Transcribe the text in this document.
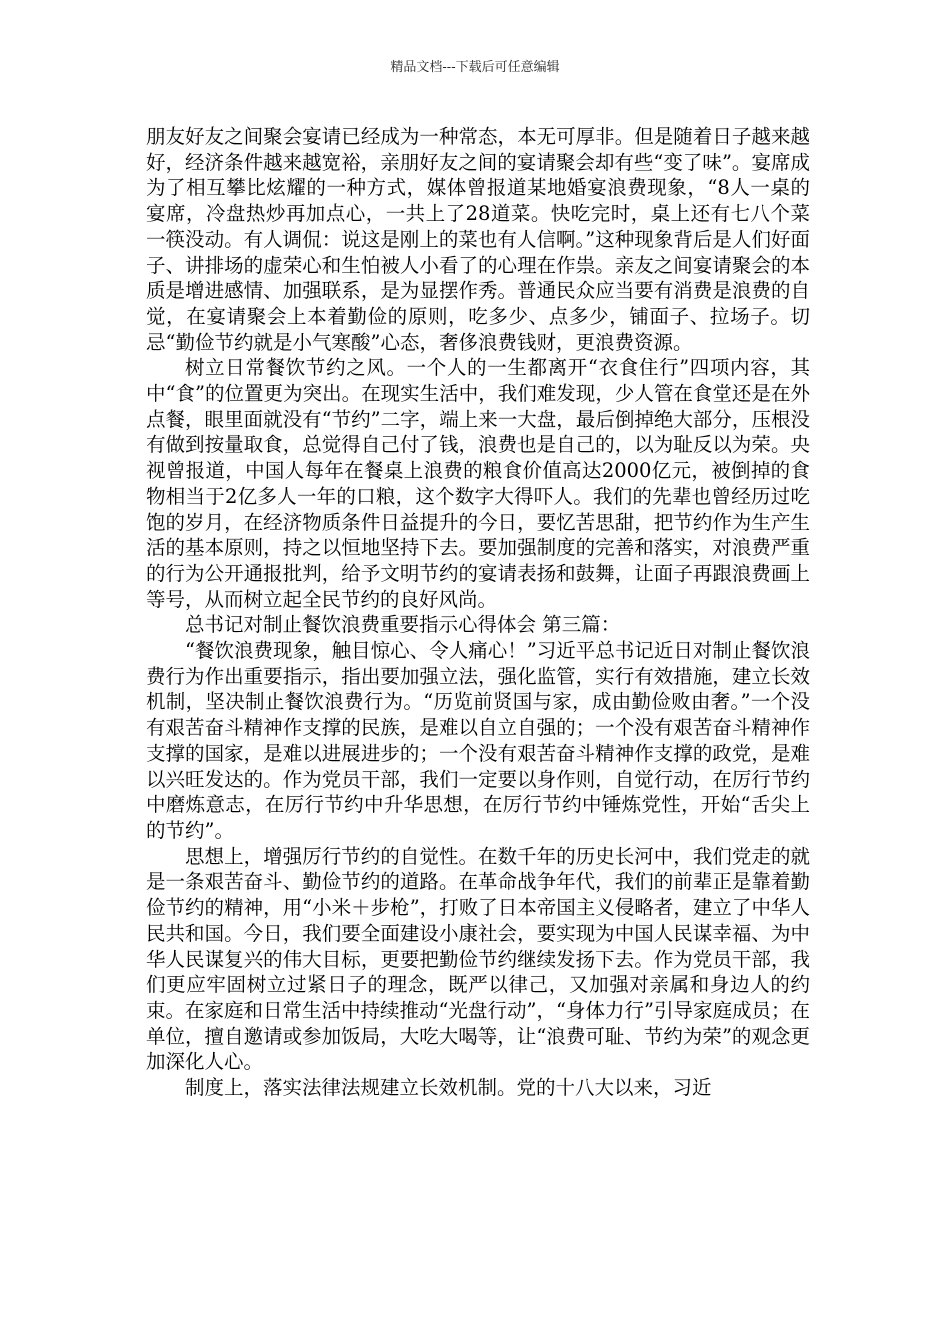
精品文档---下载后可任意编辑

朋友好友之间聚会宴请已经成为一种常态，本无可厚非。但是随着日子越来越好，经济条件越来越宽裕，亲朋好友之间的宴请聚会却有些“变了味”。宴席成为了相互攀比炫耀的一种方式，媒体曾报道某地婚宴浪费现象，“8人一桌的宴席，冷盘热炒再加点心，一共上了28道菜。快吃完时，桌上还有七八个菜一筷没动。有人调侃：说这是刚上的菜也有人信啊。”这种现象背后是人们好面子、讲排场的虚荣心和生怕被人小看了的心理在作祟。亲友之间宴请聚会的本质是增进感情、加强联系，是为显摆作秀。普通民众应当要有消费是浪费的自觉，在宴请聚会上本着勤俭的原则，吃多少、点多少，铺面子、拉场子。切忌“勤俭节约就是小气寒酸”心态，奢侈浪费钱财，更浪费资源。

树立日常餐饮节约之风。一个人的一生都离开“衣食住行”四项内容，其中“食”的位置更为突出。在现实生活中，我们难发现，少人管在食堂还是在外点餐，眼里面就没有“节约”二字，端上来一大盘，最后倒掉绝大部分，压根没有做到按量取食，总觉得自己付了钱，浪费也是自己的，以为耻反以为荣。央视曾报道，中国人每年在餐桌上浪费的粮食价值高达2000亿元，被倒掉的食物相当于2亿多人一年的口粮，这个数字大得吓人。我们的先辈也曾经历过吃饱的岁月，在经济物质条件日益提升的今日，要忆苦思甜，把节约作为生产生活的基本原则，持之以恒地坚持下去。要加强制度的完善和落实，对浪费严重的行为公开通报批判，给予文明节约的宴请表扬和鼓舞，让面子再跟浪费画上等号，从而树立起全民节约的良好风尚。

总书记对制止餐饮浪费重要指示心得体会 第三篇：

“餐饮浪费现象，触目惊心、令人痛心！”习近平总书记近日对制止餐饮浪费行为作出重要指示，指出要加强立法，强化监管，实行有效措施，建立长效机制，坚决制止餐饮浪费行为。“历览前贤国与家，成由勤俭败由奢。”一个没有艰苦奋斗精神作支撑的民族，是难以自立自强的；一个没有艰苦奋斗精神作支撑的国家，是难以进展进步的；一个没有艰苦奋斗精神作支撑的政党，是难以兴旺发达的。作为党员干部，我们一定要以身作则，自觉行动，在厉行节约中磨炼意志，在厉行节约中升华思想，在厉行节约中锤炼党性，开始“舌尖上的节约”。

思想上，增强厉行节约的自觉性。在数千年的历史长河中，我们党走的就是一条艰苦奋斗、勤俭节约的道路。在革命战争年代，我们的前辈正是靠着勤俭节约的精神，用“小米＋步枪”，打败了日本帝国主义侵略者，建立了中华人民共和国。今日，我们要全面建设小康社会，要实现为中国人民谋幸福、为中华人民谋复兴的伟大目标，更要把勤俭节约继续发扬下去。作为党员干部，我们更应牢固树立过紧日子的理念，既严以律己，又加强对亲属和身边人的约束。在家庭和日常生活中持续推动“光盘行动”，“身体力行”引导家庭成员；在单位，擅自邀请或参加饭局，大吃大喝等，让“浪费可耻、节约为荣”的观念更加深化人心。

制度上，落实法律法规建立长效机制。党的十八大以来，习近
